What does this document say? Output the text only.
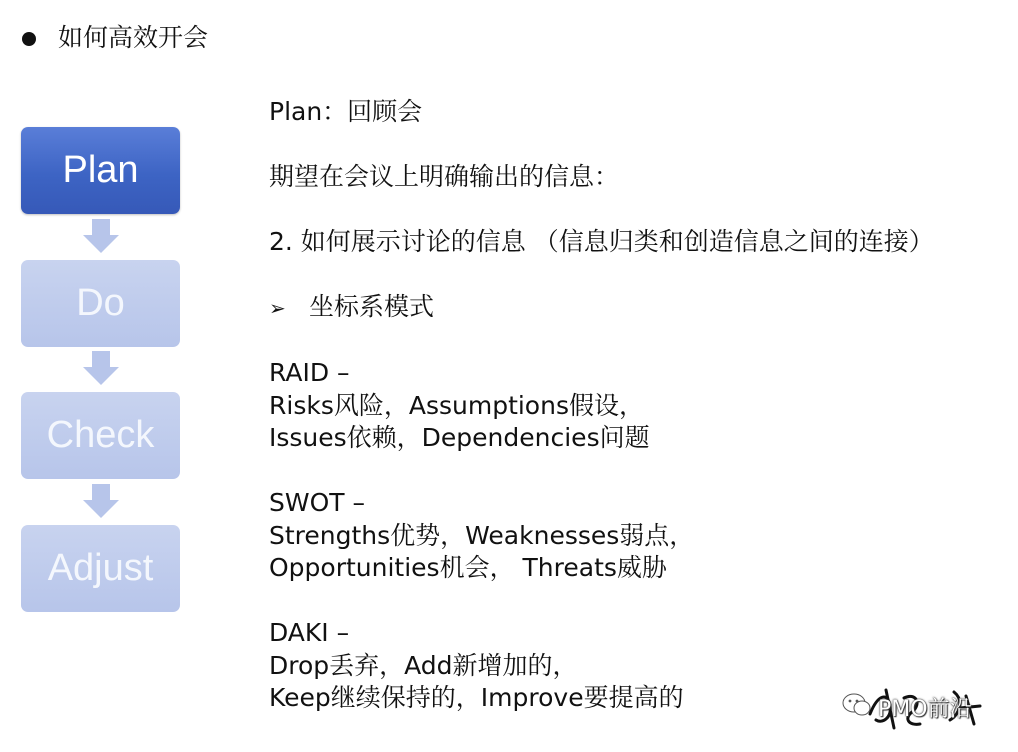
如何高效开会
Plan
Do
Check
Adjust

Plan：回顾会

期望在会议上明确输出的信息：

2. 如何展示讨论的信息 （信息归类和创造信息之间的连接）

➢ 坐标系模式

RAID –

Risks风险，Assumptions假设，

Issues依赖，Dependencies问题

SWOT –

Strengths优势，Weaknesses弱点，

Opportunities机会， Threats威胁

DAKI –

Drop丢弃，Add新增加的，

Keep继续保持的，Improve要提高的	PMO前沿
